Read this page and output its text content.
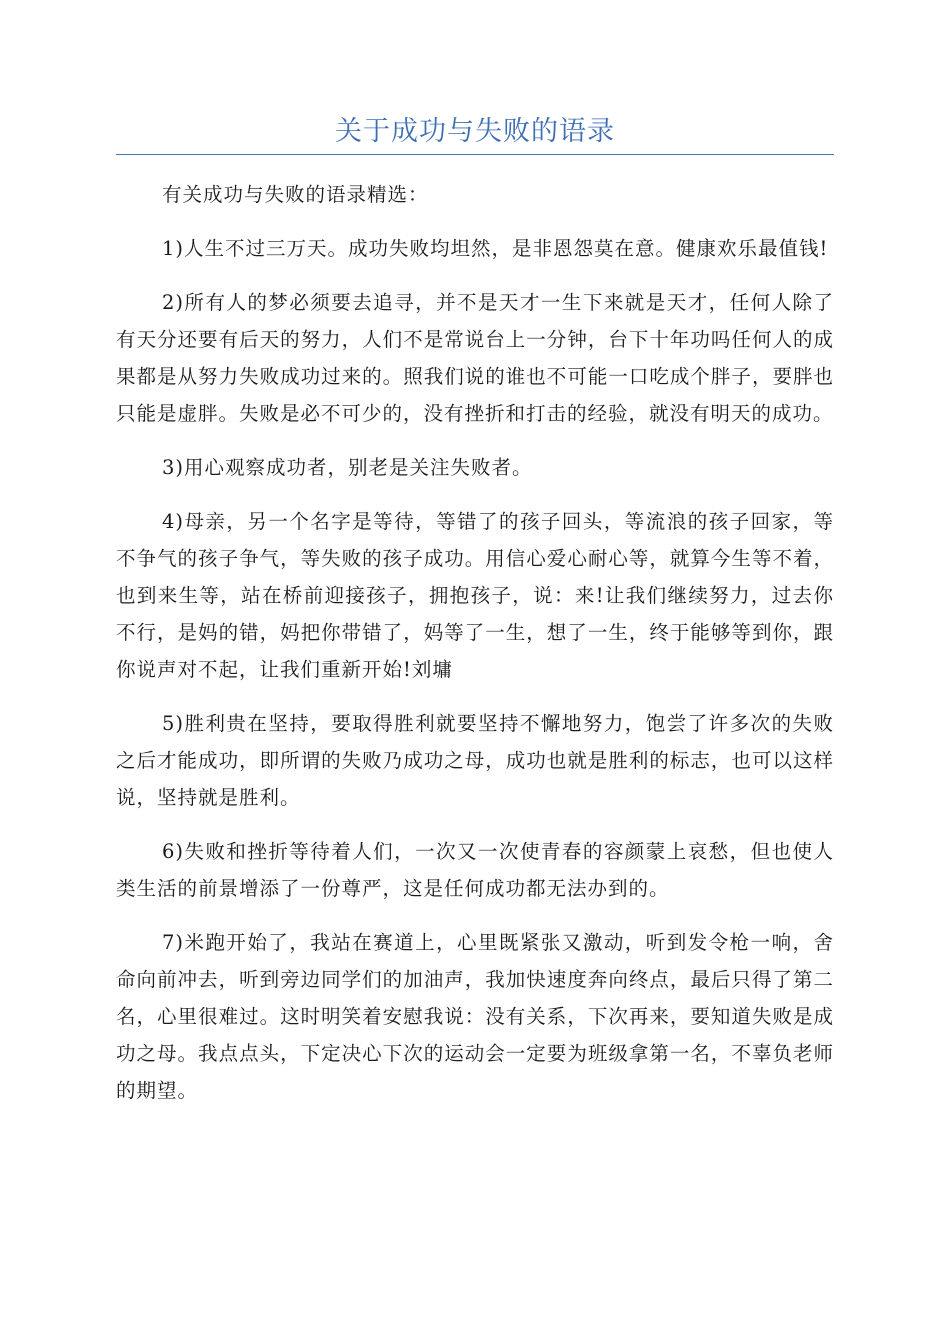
关于成功与失败的语录

有关成功与失败的语录精选：

1)人生不过三万天。成功失败均坦然，是非恩怨莫在意。健康欢乐最值钱!

2)所有人的梦必须要去追寻，并不是天才一生下来就是天才，任何人除了有天分还要有后天的努力，人们不是常说台上一分钟，台下十年功吗任何人的成果都是从努力失败成功过来的。照我们说的谁也不可能一口吃成个胖子，要胖也只能是虚胖。失败是必不可少的，没有挫折和打击的经验，就没有明天的成功。

3)用心观察成功者，别老是关注失败者。

4)母亲，另一个名字是等待，等错了的孩子回头，等流浪的孩子回家，等不争气的孩子争气，等失败的孩子成功。用信心爱心耐心等，就算今生等不着，也到来生等，站在桥前迎接孩子，拥抱孩子，说：来!让我们继续努力，过去你不行，是妈的错，妈把你带错了，妈等了一生，想了一生，终于能够等到你，跟你说声对不起，让我们重新开始!刘墉

5)胜利贵在坚持，要取得胜利就要坚持不懈地努力，饱尝了许多次的失败之后才能成功，即所谓的失败乃成功之母，成功也就是胜利的标志，也可以这样说，坚持就是胜利。

6)失败和挫折等待着人们，一次又一次使青春的容颜蒙上哀愁，但也使人类生活的前景增添了一份尊严，这是任何成功都无法办到的。

7)米跑开始了，我站在赛道上，心里既紧张又激动，听到发令枪一响，舍命向前冲去，听到旁边同学们的加油声，我加快速度奔向终点，最后只得了第二名，心里很难过。这时明笑着安慰我说：没有关系，下次再来，要知道失败是成功之母。我点点头，下定决心下次的运动会一定要为班级拿第一名，不辜负老师的期望。
